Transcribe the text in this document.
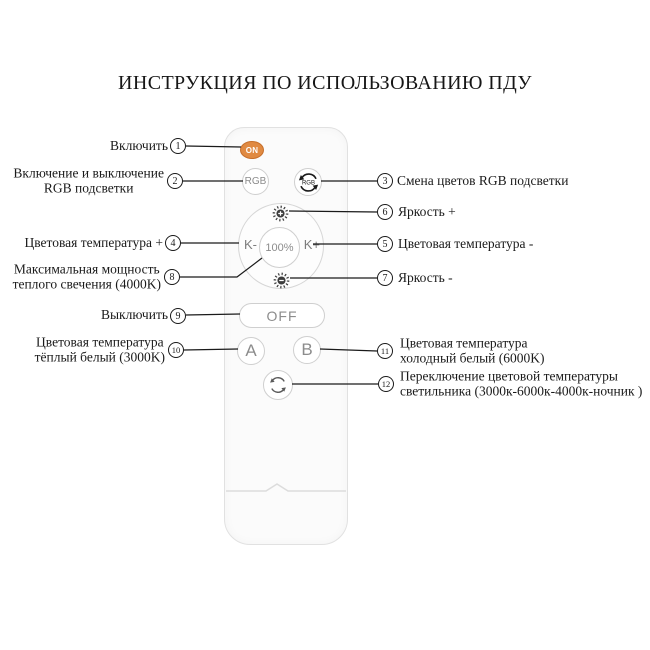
ИНСТРУКЦИЯ ПО ИСПОЛЬЗОВАНИЮ ПДУ
ON
RGB	RGB
K- 100% K+
OFF
A	B
1
2
4
8
9
10
3
6
5
7
11
12
Включить
Включение и выключение
RGB подсветки
Цветовая температура +
Максимальная мощность
теплого свечения (4000K)
Выключить
Цветовая температура
тёплый белый (3000K)
Смена цветов RGB подсветки
Яркость +
Цветовая температура -
Яркость -
Цветовая температура
холодный белый (6000K)
Переключение цветовой температуры
светильника (3000к-6000к-4000к-ночник )
